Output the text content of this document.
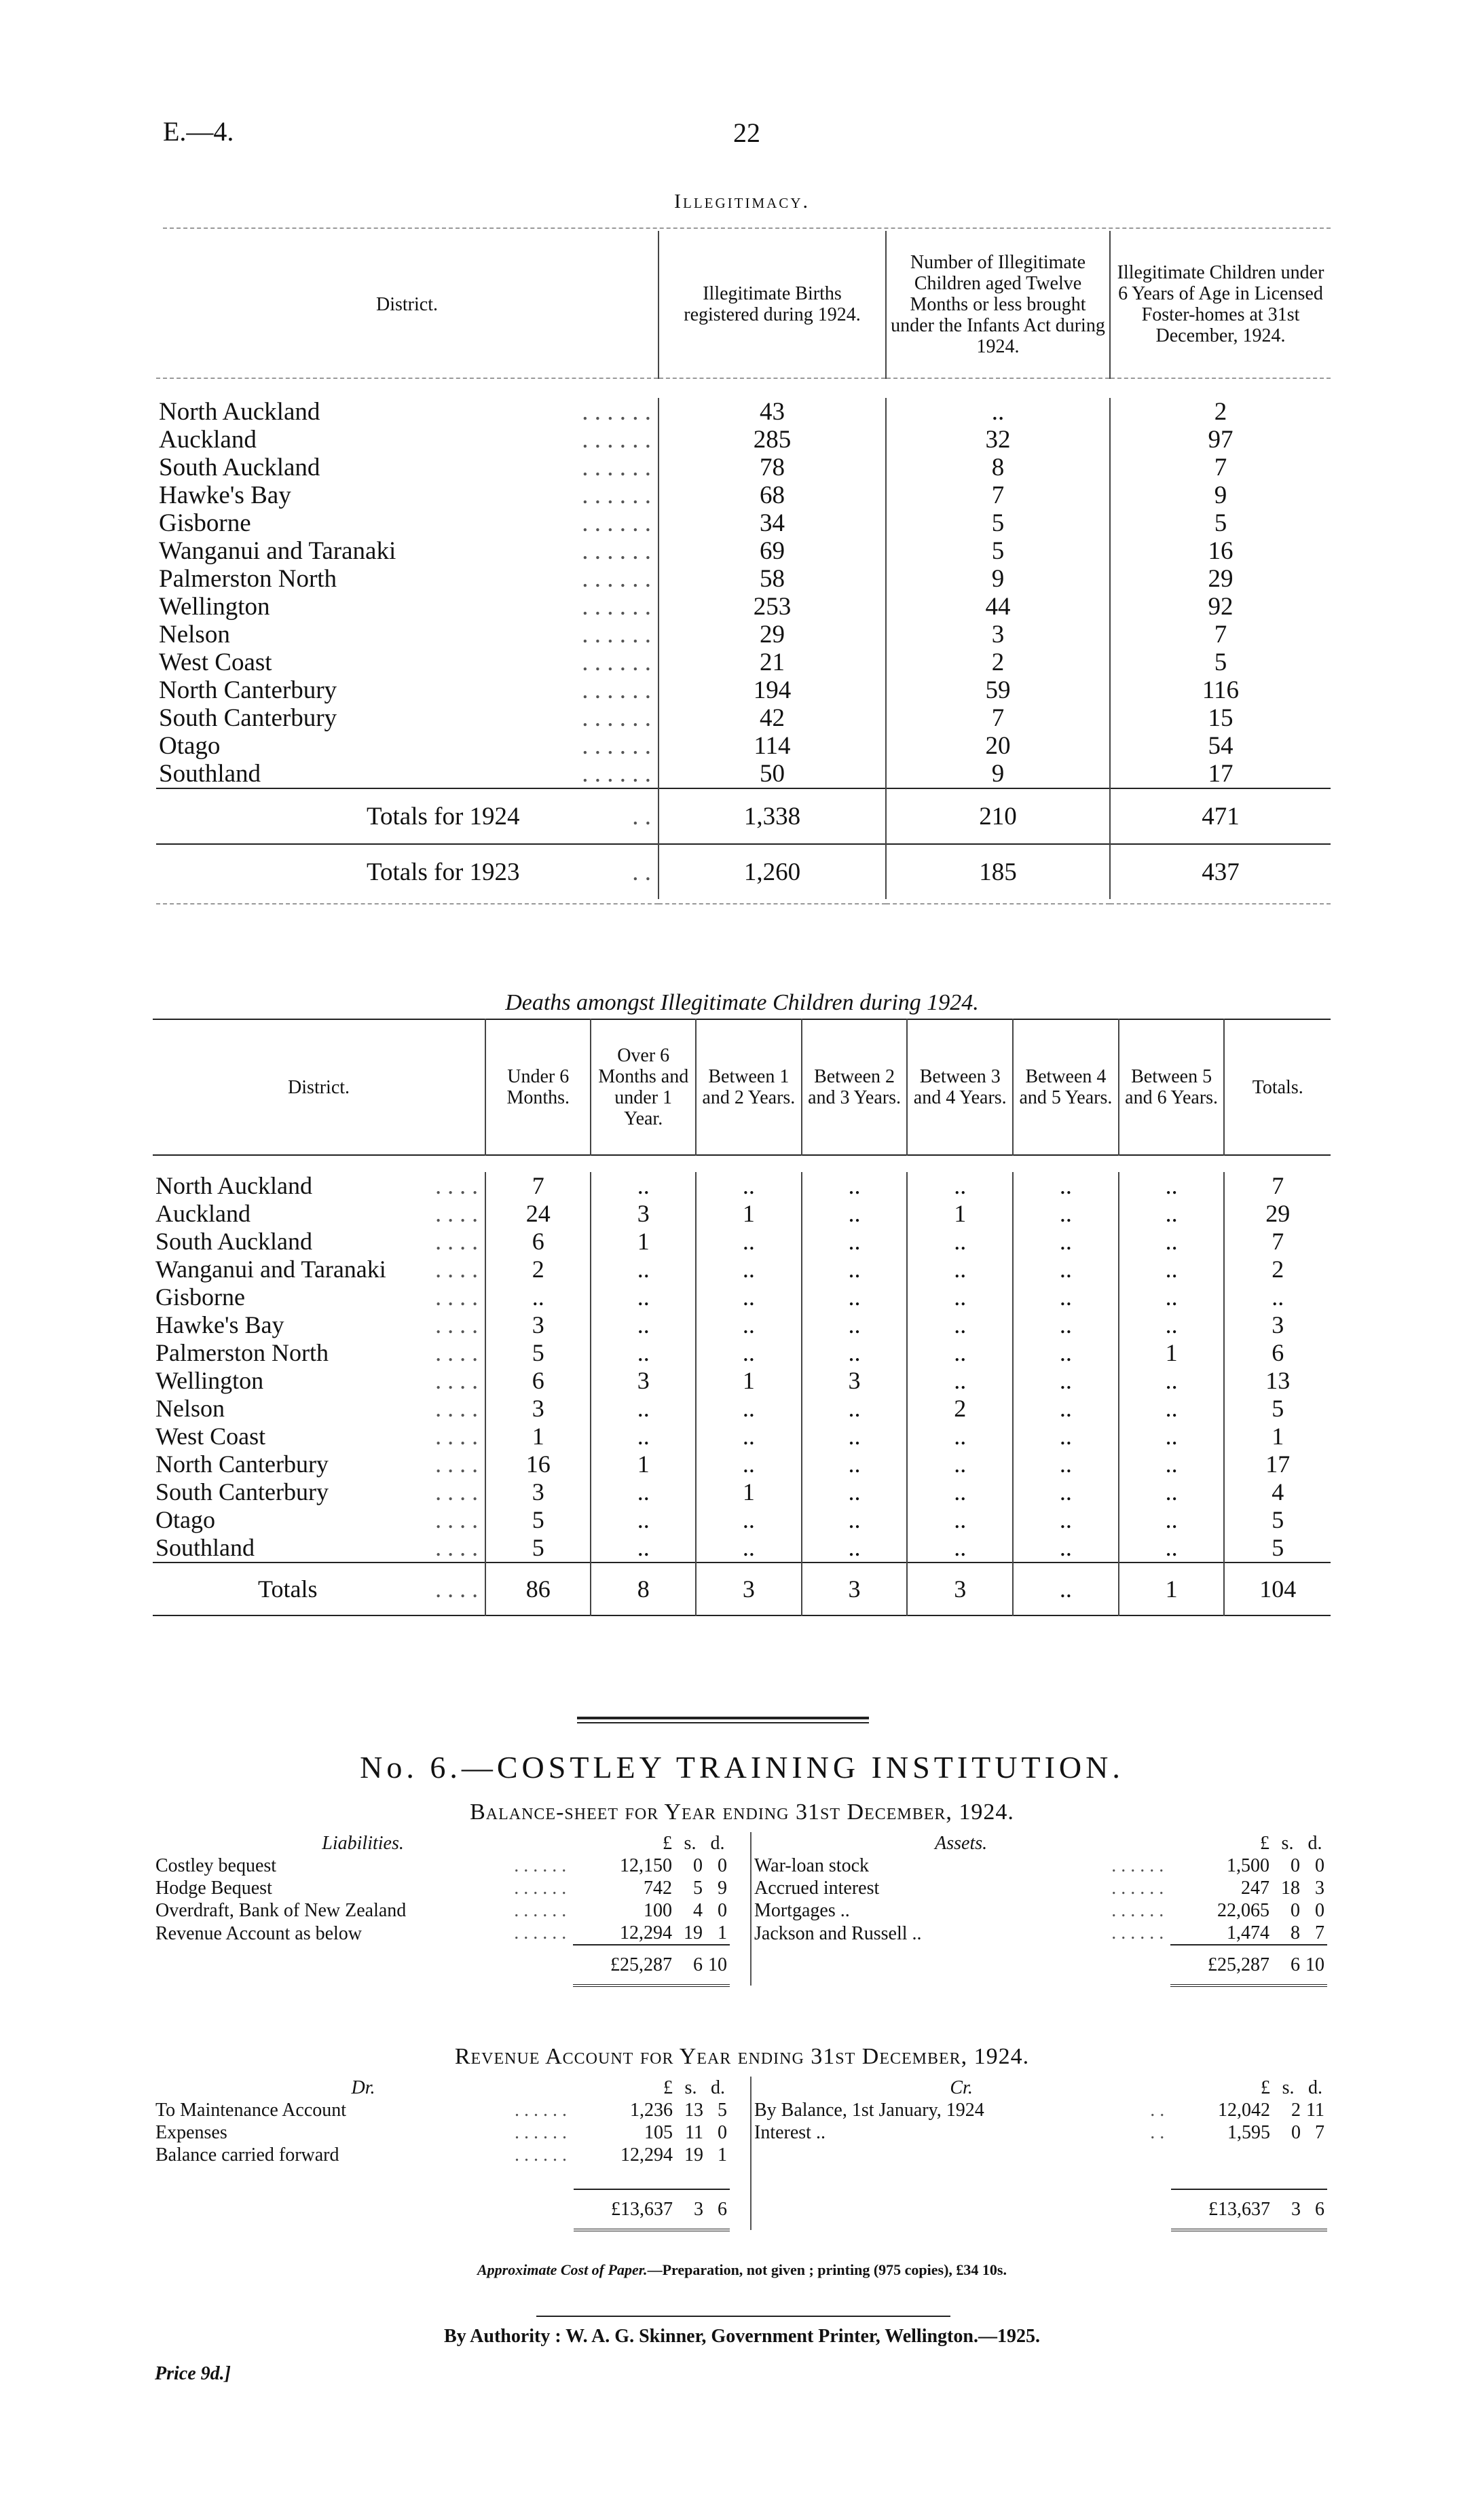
E.—4.	22
Illegitimacy.
District.	Illegitimate Births registered during 1924.	Number of Illegitimate Children aged Twelve Months or less brought under the Infants Act during 1924.	Illegitimate Children under 6 Years of Age in Licensed Foster-homes at 31st December, 1924.

North Auckland . . . . . .	43	..	2
Auckland . . . . . .	285	32	97
South Auckland . . . . . .	78	8	7
Hawke's Bay . . . . . .	68	7	9
Gisborne . . . . . .	34	5	5
Wanganui and Taranaki . . . . . .	69	5	16
Palmerston North . . . . . .	58	9	29
Wellington . . . . . .	253	44	92
Nelson . . . . . .	29	3	7
West Coast . . . . . .	21	2	5
North Canterbury . . . . . .	194	59	116
South Canterbury . . . . . .	42	7	15
Otago . . . . . .	114	20	54
Southland . . . . . .	50	9	17
Totals for 1924 . .	1,338	210	471
Totals for 1923 . .	1,260	185	437

Deaths amongst Illegitimate Children during 1924.
District.	Under 6 Months.	Over 6 Months and under 1 Year.	Between 1 and 2 Years.	Between 2 and 3 Years.	Between 3 and 4 Years.	Between 4 and 5 Years.	Between 5 and 6 Years.	Totals.

North Auckland . . . .	7	..	..	..	..	..	..	7
Auckland . . . .	24	3	1	..	1	..	..	29
South Auckland . . . .	6	1	..	..	..	..	..	7
Wanganui and Taranaki . . . .	2	..	..	..	..	..	..	2
Gisborne . . . .	..	..	..	..	..	..	..	..
Hawke's Bay . . . .	3	..	..	..	..	..	..	3
Palmerston North . . . .	5	..	..	..	..	..	1	6
Wellington . . . .	6	3	1	3	..	..	..	13
Nelson . . . .	3	..	..	..	2	..	..	5
West Coast . . . .	1	..	..	..	..	..	..	1
North Canterbury . . . .	16	1	..	..	..	..	..	17
South Canterbury . . . .	3	..	1	..	..	..	..	4
Otago . . . .	5	..	..	..	..	..	..	5
Southland . . . .	5	..	..	..	..	..	..	5
Totals . . . .	86	8	3	3	3	..	1	104
No. 6.—COSTLEY TRAINING INSTITUTION.
Balance-sheet for Year ending 31st December, 1924.
Liabilities.	£	s.	d.
Costley bequest . . . . . .	12,150	0	0
Hodge Bequest . . . . . .	742	5	9
Overdraft, Bank of New Zealand . . . . . .	100	4	0
Revenue Account as below . . . . . .	12,294	19	1
	£25,287	6	10
Assets.	£	s.	d.
War-loan stock . . . . . .	1,500	0	0
Accrued interest . . . . . .	247	18	3
Mortgages .. . . . . . .	22,065	0	0
Jackson and Russell .. . . . . . .	1,474	8	7
	£25,287	6	10
Revenue Account for Year ending 31st December, 1924.
Dr.	£	s.	d.
To Maintenance Account . . . . . .	1,236	13	5
Expenses . . . . . .	105	11	0
Balance carried forward . . . . . .	12,294	19	1

	£13,637	3	6
Cr.	£	s.	d.
By Balance, 1st January, 1924 . .	12,042	2	11
Interest .. . .	1,595	0	7

	£13,637	3	6
Approximate Cost of Paper.—Preparation, not given ; printing (975 copies), £34 10s.
By Authority : W. A. G. Skinner, Government Printer, Wellington.—1925.
Price 9d.]
